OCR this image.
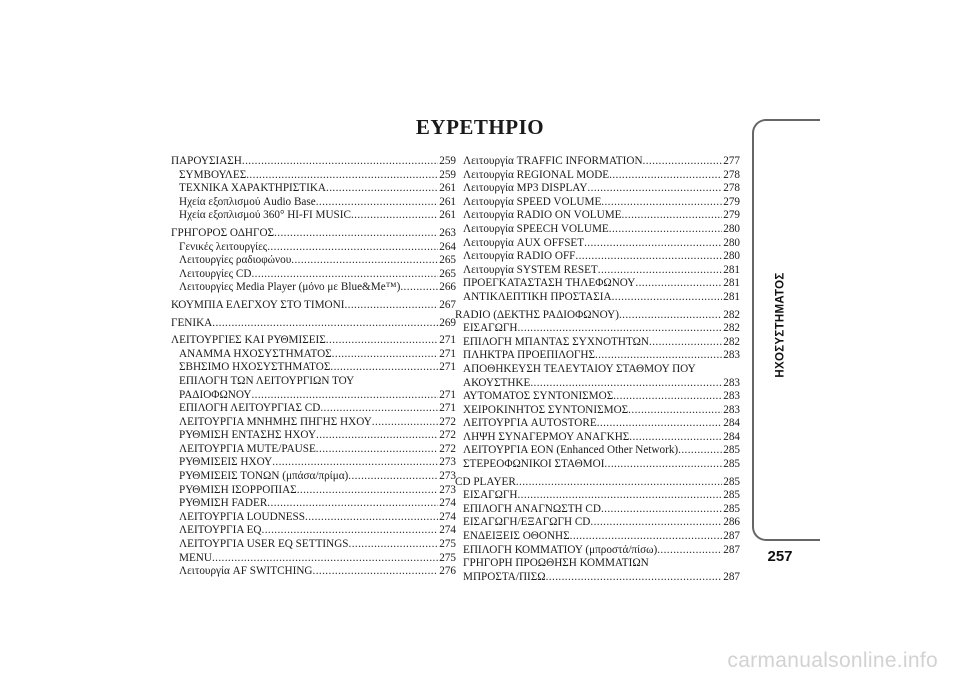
ΕΥΡΕΤΗΡΙΟ
ΠΑΡΟΥΣΙΑΣΗ .....	259
ΣΥΜΒΟΥΛΕΣ .....	259
ΤΕΧΝΙΚΑ ΧΑΡΑΚΤΗΡΙΣΤΙΚΑ .....	261
Ηχεία εξοπλισμού Audio Base .....	261
Ηχεία εξοπλισμού 360° HI-FI MUSIC .....	261
ΓΡΗΓΟΡΟΣ ΟΔΗΓΟΣ .....	263
Γενικές λειτουργίες .....	264
Λειτουργίες ραδιοφώνου .....	265
Λειτουργίες CD .....	265
Λειτουργίες Media Player (μόνο με Blue&Me™) .....	266
ΚΟΥΜΠΙΑ ΕΛΕΓΧΟΥ ΣΤΟ ΤΙΜΟΝΙ .....	267
ΓΕΝΙΚΑ .....	269
ΛΕΙΤΟΥΡΓΙΕΣ ΚΑΙ ΡΥΘΜΙΣΕΙΣ .....	271
ΑΝΑΜΜΑ ΗΧΟΣΥΣΤΗΜΑΤΟΣ .....	271
ΣΒΗΣΙΜΟ ΗΧΟΣΥΣΤΗΜΑΤΟΣ .....	271
ΕΠΙΛΟΓΗ ΤΩΝ ΛΕΙΤΟΥΡΓΙΩΝ ΤΟΥ
ΡΑΔΙΟΦΩΝΟΥ .....	271
ΕΠΙΛΟΓΗ ΛΕΙΤΟΥΡΓΙΑΣ CD .....	271
ΛΕΙΤΟΥΡΓΙΑ ΜΝΗΜΗΣ ΠΗΓΗΣ ΗΧΟΥ .....	272
ΡΥΘΜΙΣΗ ΕΝΤΑΣΗΣ ΗΧΟΥ .....	272
ΛΕΙΤΟΥΡΓΙΑ MUTE/PAUSE .....	272
ΡΥΘΜΙΣΕΙΣ ΗΧΟΥ .....	273
ΡΥΘΜΙΣΕΙΣ ΤΟΝΩΝ (μπάσα/πρίμα) .....	273
ΡΥΘΜΙΣΗ ΙΣΟΡΡΟΠΙΑΣ .....	273
ΡΥΘΜΙΣΗ FADER .....	274
ΛΕΙΤΟΥΡΓΙΑ LOUDNESS .....	274
ΛΕΙΤΟΥΡΓΙΑ EQ .....	274
ΛΕΙΤΟΥΡΓΙΑ USER EQ SETTINGS .....	275
MENU .....	275
Λειτουργία AF SWITCHING .....	276
Λειτουργία TRAFFIC INFORMATION .....	277
Λειτουργία REGIONAL MODE .....	278
Λειτουργία MP3 DISPLAY .....	278
Λειτουργία SPEED VOLUME .....	279
Λειτουργία RADIO ON VOLUME .....	279
Λειτουργία SPEECH VOLUME .....	280
Λειτουργία AUX OFFSET .....	280
Λειτουργία RADIO OFF .....	280
Λειτουργία SYSTEM RESET .....	281
ΠΡΟΕΓΚΑΤΑΣΤΑΣΗ ΤΗΛΕΦΩΝΟΥ .....	281
ΑΝΤΙΚΛΕΠΤΙΚΗ ΠΡΟΣΤΑΣΙΑ .....	281
RADIO (ΔΕΚΤΗΣ ΡΑΔΙΟΦΩΝΟΥ) .....	282
ΕΙΣΑΓΩΓΗ .....	282
ΕΠΙΛΟΓΗ ΜΠΑΝΤΑΣ ΣΥΧΝΟΤΗΤΩΝ .....	282
ΠΛΗΚΤΡΑ ΠΡΟΕΠΙΛΟΓΗΣ .....	283
ΑΠΟΘΗΚΕΥΣΗ ΤΕΛΕΥΤΑΙΟΥ ΣΤΑΘΜΟΥ ΠΟΥ
ΑΚΟΥΣΤΗΚΕ .....	283
ΑΥΤΟΜΑΤΟΣ ΣΥΝΤΟΝΙΣΜΟΣ .....	283
ΧΕΙΡΟΚΙΝΗΤΟΣ ΣΥΝΤΟΝΙΣΜΟΣ .....	283
ΛΕΙΤΟΥΡΓΙΑ AUTOSTORE .....	284
ΛΗΨΗ ΣΥΝΑΓΕΡΜΟΥ ΑΝΑΓΚΗΣ .....	284
ΛΕΙΤΟΥΡΓΙΑ EON (Enhanced Other Network) .....	285
ΣΤΕΡΕΟΦΩΝΙΚΟΙ ΣΤΑΘΜΟΙ .....	285
CD PLAYER .....	285
ΕΙΣΑΓΩΓΗ .....	285
ΕΠΙΛΟΓΗ ΑΝΑΓΝΩΣΤΗ CD .....	285
ΕΙΣΑΓΩΓΗ/ΕΞΑΓΩΓΗ CD .....	286
ΕΝΔΕΙΞΕΙΣ ΟΘΟΝΗΣ .....	287
ΕΠΙΛΟΓΗ ΚΟΜΜΑΤΙΟΥ (μπροστά/πίσω) .....	287
ΓΡΗΓΟΡΗ ΠΡΟΩΘΗΣΗ ΚΟΜΜΑΤΙΩΝ
ΜΠΡΟΣΤΑ/ΠΙΣΩ .....	287
ΗΧΟΣΥΣΤΗΜΑΤΟΣ
257
carmanualsonline.info
